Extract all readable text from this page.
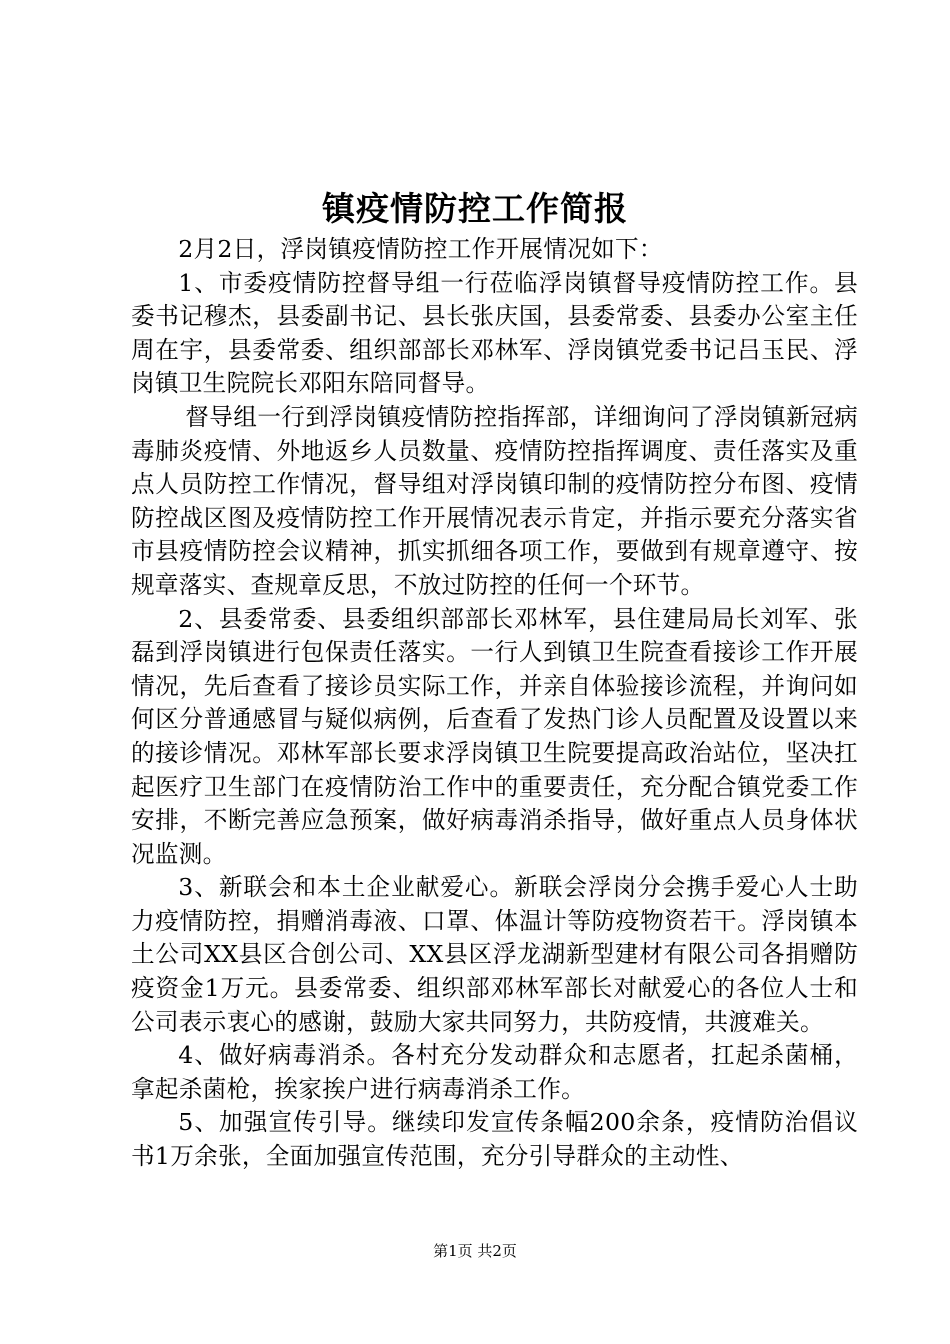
镇疫情防控工作简报

2月2日，浮岗镇疫情防控工作开展情况如下：

1、市委疫情防控督导组一行莅临浮岗镇督导疫情防控工作。县委书记穆杰，县委副书记、县长张庆国，县委常委、县委办公室主任周在宇，县委常委、组织部部长邓林军、浮岗镇党委书记吕玉民、浮岗镇卫生院院长邓阳东陪同督导。

督导组一行到浮岗镇疫情防控指挥部，详细询问了浮岗镇新冠病毒肺炎疫情、外地返乡人员数量、疫情防控指挥调度、责任落实及重点人员防控工作情况，督导组对浮岗镇印制的疫情防控分布图、疫情防控战区图及疫情防控工作开展情况表示肯定，并指示要充分落实省市县疫情防控会议精神，抓实抓细各项工作，要做到有规章遵守、按规章落实、查规章反思，不放过防控的任何一个环节。

2、县委常委、县委组织部部长邓林军，县住建局局长刘军、张磊到浮岗镇进行包保责任落实。一行人到镇卫生院查看接诊工作开展情况，先后查看了接诊员实际工作，并亲自体验接诊流程，并询问如何区分普通感冒与疑似病例，后查看了发热门诊人员配置及设置以来的接诊情况。邓林军部长要求浮岗镇卫生院要提高政治站位，坚决扛起医疗卫生部门在疫情防治工作中的重要责任，充分配合镇党委工作安排，不断完善应急预案，做好病毒消杀指导，做好重点人员身体状况监测。

3、新联会和本土企业献爱心。新联会浮岗分会携手爱心人士助力疫情防控，捐赠消毒液、口罩、体温计等防疫物资若干。浮岗镇本土公司XX县区合创公司、XX县区浮龙湖新型建材有限公司各捐赠防疫资金1万元。县委常委、组织部邓林军部长对献爱心的各位人士和公司表示衷心的感谢，鼓励大家共同努力，共防疫情，共渡难关。

4、做好病毒消杀。各村充分发动群众和志愿者，扛起杀菌桶，拿起杀菌枪，挨家挨户进行病毒消杀工作。

5、加强宣传引导。继续印发宣传条幅200余条，疫情防治倡议书1万余张，全面加强宣传范围，充分引导群众的主动性、

第1页 共2页
